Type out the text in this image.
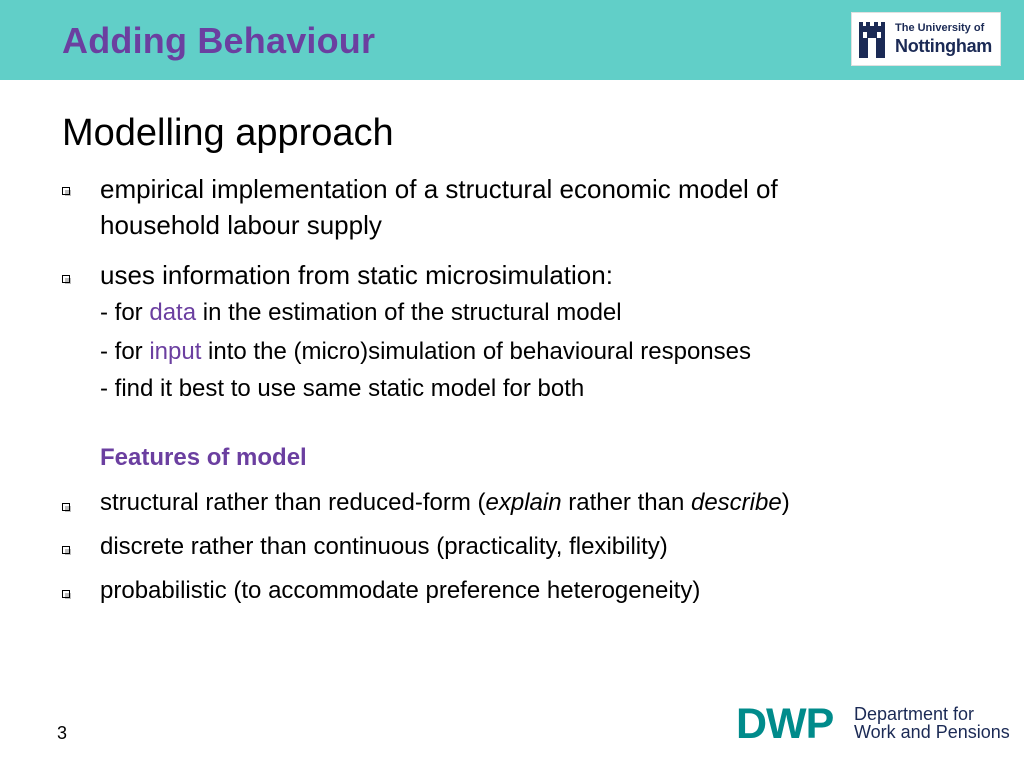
Adding Behaviour	The University of
Nottingham
Modelling approach
empirical implementation of a structural economic model of
household labour supply
uses information from static microsimulation:
- for data in the estimation of the structural model
- for input into the (micro)simulation of behavioural responses
- find it best to use same static model for both
Features of model
structural rather than reduced-form (explain rather than describe)
discrete rather than continuous (practicality, flexibility)
probabilistic (to accommodate preference heterogeneity)
3	DWP Department for
Work and Pensions
